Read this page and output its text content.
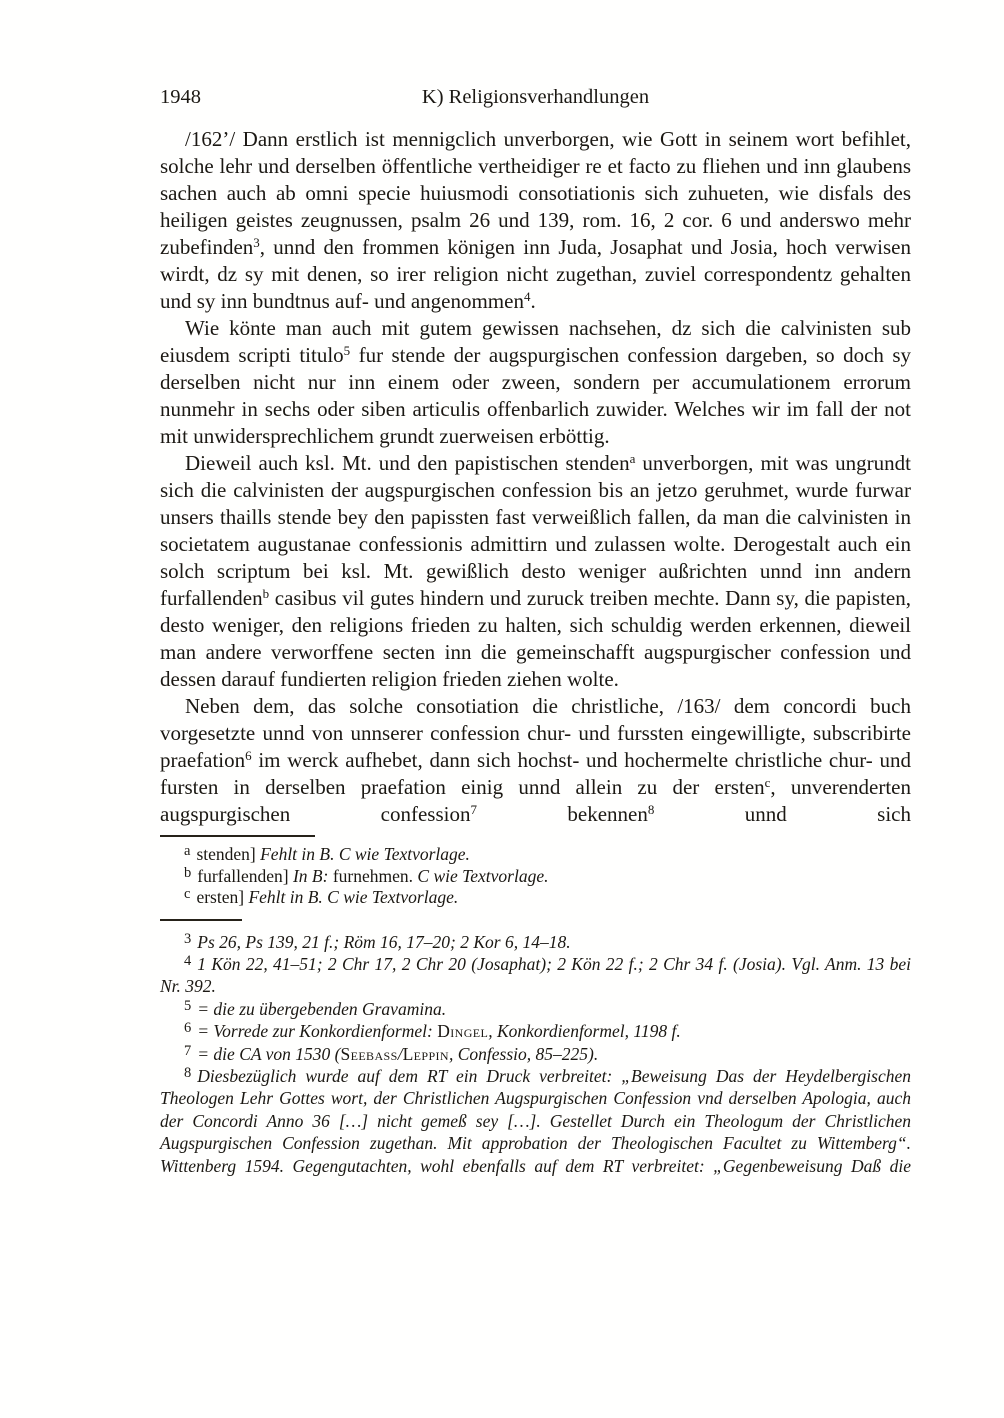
1948	K) Religionsverhandlungen

/162’/ Dann erstlich ist mennigclich unverborgen, wie Gott in seinem wort befihlet, solche lehr und derselben öffentliche vertheidiger re et facto zu fliehen und inn glaubens sachen auch ab omni specie huiusmodi consotiationis sich zuhueten, wie disfals des heiligen geistes zeugnussen, psalm 26 und 139, rom. 16, 2 cor. 6 und anderswo mehr zubefinden$^3$, unnd den frommen königen inn Juda, Josaphat und Josia, hoch verwisen wirdt, dz sy mit denen, so irer religion nicht zugethan, zuviel correspondentz gehalten und sy inn bundtnus auf- und angenommen$^4$.

Wie könte man auch mit gutem gewissen nachsehen, dz sich die calvinisten sub eiusdem scripti titulo$^5$ fur stende der augspurgischen confession dargeben, so doch sy derselben nicht nur inn einem oder zween, sondern per accumulationem errorum nunmehr in sechs oder siben articulis offenbarlich zuwider. Welches wir im fall der not mit unwidersprechlichem grundt zuerweisen erböttig.

Dieweil auch ksl. Mt. und den papistischen stenden$^a$ unverborgen, mit was ungrundt sich die calvinisten der augspurgischen confession bis an jetzo geruhmet, wurde furwar unsers thaills stende bey den papissten fast verweißlich fallen, da man die calvinisten in societatem augustanae confessionis admittirn und zulassen wolte. Derogestalt auch ein solch scriptum bei ksl. Mt. gewißlich desto weniger außrichten unnd inn andern furfallenden$^b$ casibus vil gutes hindern und zuruck treiben mechte. Dann sy, die papisten, desto weniger, den religions frieden zu halten, sich schuldig werden erkennen, dieweil man andere verworffene secten inn die gemeinschafft augspurgischer confession und dessen darauf fundierten religion frieden ziehen wolte.

Neben dem, das solche consotiation die christliche, /163/ dem concordi buch vorgesetzte unnd von unnserer confession chur- und furssten eingewilligte, subscribirte praefation$^6$ im werck aufhebet, dann sich hochst- und hochermelte christliche chur- und fursten in derselben praefation einig unnd allein zu der ersten$^c$, unverenderten augspurgischen confession$^7$ bekennen$^8$ unnd sich

$^a$ stenden] Fehlt in B. C wie Textvorlage.
$^b$ furfallenden] In B: furnehmen. C wie Textvorlage.
$^c$ ersten] Fehlt in B. C wie Textvorlage.
$^3$ Ps 26, Ps 139, 21 f.; Röm 16, 17–20; 2 Kor 6, 14–18.
$^4$ 1 Kön 22, 41–51; 2 Chr 17, 2 Chr 20 (Josaphat); 2 Kön 22 f.; 2 Chr 34 f. (Josia). Vgl. Anm. 13 bei Nr. 392.
$^5$ = die zu übergebenden Gravamina.
$^6$ = Vorrede zur Konkordienformel: Dingel, Konkordienformel, 1198 f.
$^7$ = die CA von 1530 (Seebass/Leppin, Confessio, 85–225).
$^8$ Diesbezüglich wurde auf dem RT ein Druck verbreitet: „Beweisung Das der Heydelbergischen Theologen Lehr Gottes wort, der Christlichen Augspurgischen Confession vnd derselben Apologia, auch der Concordi Anno 36 […] nicht gemeß sey […]. Gestellet Durch ein Theologum der Christlichen Augspurgischen Confession zugethan. Mit approbation der Theologischen Facultet zu Wittemberg“. Wittenberg 1594. Gegengutachten, wohl ebenfalls auf dem RT verbreitet: „Gegenbeweisung Daß die
